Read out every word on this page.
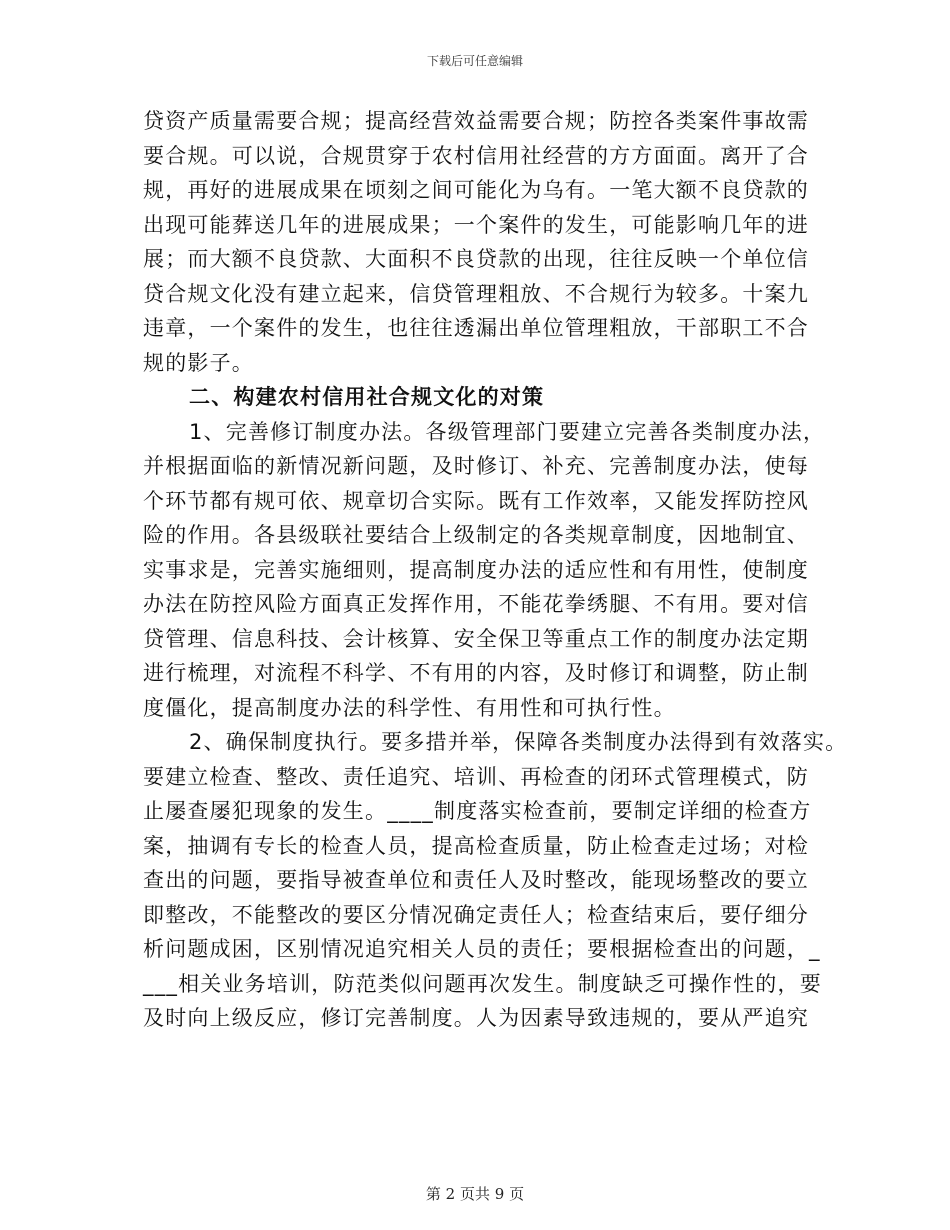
下载后可任意编辑
贷资产质量需要合规；提高经营效益需要合规；防控各类案件事故需
要合规。可以说，合规贯穿于农村信用社经营的方方面面。离开了合
规，再好的进展成果在顷刻之间可能化为乌有。一笔大额不良贷款的
出现可能葬送几年的进展成果；一个案件的发生，可能影响几年的进
展；而大额不良贷款、大面积不良贷款的出现，往往反映一个单位信
贷合规文化没有建立起来，信贷管理粗放、不合规行为较多。十案九
违章，一个案件的发生，也往往透漏出单位管理粗放，干部职工不合
规的影子。
二、构建农村信用社合规文化的对策
1、完善修订制度办法。各级管理部门要建立完善各类制度办法，
并根据面临的新情况新问题，及时修订、补充、完善制度办法，使每
个环节都有规可依、规章切合实际。既有工作效率，又能发挥防控风
险的作用。各县级联社要结合上级制定的各类规章制度，因地制宜、
实事求是，完善实施细则，提高制度办法的适应性和有用性，使制度
办法在防控风险方面真正发挥作用，不能花拳绣腿、不有用。要对信
贷管理、信息科技、会计核算、安全保卫等重点工作的制度办法定期
进行梳理，对流程不科学、不有用的内容，及时修订和调整，防止制
度僵化，提高制度办法的科学性、有用性和可执行性。
2、确保制度执行。要多措并举，保障各类制度办法得到有效落实。
要建立检查、整改、责任追究、培训、再检查的闭环式管理模式，防
止屡查屡犯现象的发生。____制度落实检查前，要制定详细的检查方
案，抽调有专长的检查人员，提高检查质量，防止检查走过场；对检
查出的问题，要指导被查单位和责任人及时整改，能现场整改的要立
即整改，不能整改的要区分情况确定责任人；检查结束后，要仔细分
析问题成困，区别情况追究相关人员的责任；要根据检查出的问题，_
___相关业务培训，防范类似问题再次发生。制度缺乏可操作性的，要
及时向上级反应，修订完善制度。人为因素导致违规的，要从严追究
第 2 页共 9 页
